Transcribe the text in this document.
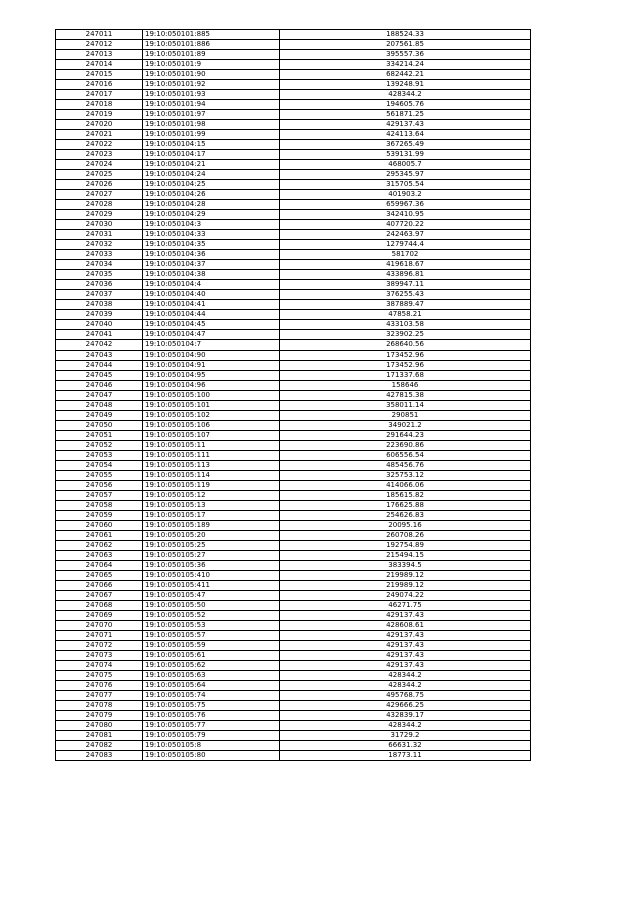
247011	19:10:050101:885	188524.33
247012	19:10:050101:886	207561.85
247013	19:10:050101:89	395557.36
247014	19:10:050101:9	334214.24
247015	19:10:050101:90	682442.21
247016	19:10:050101:92	139248.91
247017	19:10:050101:93	428344.2
247018	19:10:050101:94	194605.76
247019	19:10:050101:97	561871.25
247020	19:10:050101:98	429137.43
247021	19:10:050101:99	424113.64
247022	19:10:050104:15	367265.49
247023	19:10:050104:17	539131.99
247024	19:10:050104:21	468005.7
247025	19:10:050104:24	295345.97
247026	19:10:050104:25	315705.54
247027	19:10:050104:26	401903.2
247028	19:10:050104:28	659967.36
247029	19:10:050104:29	342410.95
247030	19:10:050104:3	407720.22
247031	19:10:050104:33	242463.97
247032	19:10:050104:35	1279744.4
247033	19:10:050104:36	581702
247034	19:10:050104:37	419618.67
247035	19:10:050104:38	433896.81
247036	19:10:050104:4	389947.11
247037	19:10:050104:40	376255.43
247038	19:10:050104:41	387889.47
247039	19:10:050104:44	47858.21
247040	19:10:050104:45	433103.58
247041	19:10:050104:47	323902.25
247042	19:10:050104:7	268640.56
247043	19:10:050104:90	173452.96
247044	19:10:050104:91	173452.96
247045	19:10:050104:95	171337.68
247046	19:10:050104:96	158646
247047	19:10:050105:100	427815.38
247048	19:10:050105:101	358011.14
247049	19:10:050105:102	290851
247050	19:10:050105:106	349021.2
247051	19:10:050105:107	291644.23
247052	19:10:050105:11	223690.86
247053	19:10:050105:111	606556.54
247054	19:10:050105:113	485456.76
247055	19:10:050105:114	325753.12
247056	19:10:050105:119	414066.06
247057	19:10:050105:12	185615.82
247058	19:10:050105:13	176625.88
247059	19:10:050105:17	254626.83
247060	19:10:050105:189	20095.16
247061	19:10:050105:20	260708.26
247062	19:10:050105:25	192754.89
247063	19:10:050105:27	215494.15
247064	19:10:050105:36	383394.5
247065	19:10:050105:410	219989.12
247066	19:10:050105:411	219989.12
247067	19:10:050105:47	249074.22
247068	19:10:050105:50	46271.75
247069	19:10:050105:52	429137.43
247070	19:10:050105:53	428608.61
247071	19:10:050105:57	429137.43
247072	19:10:050105:59	429137.43
247073	19:10:050105:61	429137.43
247074	19:10:050105:62	429137.43
247075	19:10:050105:63	428344.2
247076	19:10:050105:64	428344.2
247077	19:10:050105:74	495768.75
247078	19:10:050105:75	429666.25
247079	19:10:050105:76	432839.17
247080	19:10:050105:77	428344.2
247081	19:10:050105:79	31729.2
247082	19:10:050105:8	66631.32
247083	19:10:050105:80	18773.11
